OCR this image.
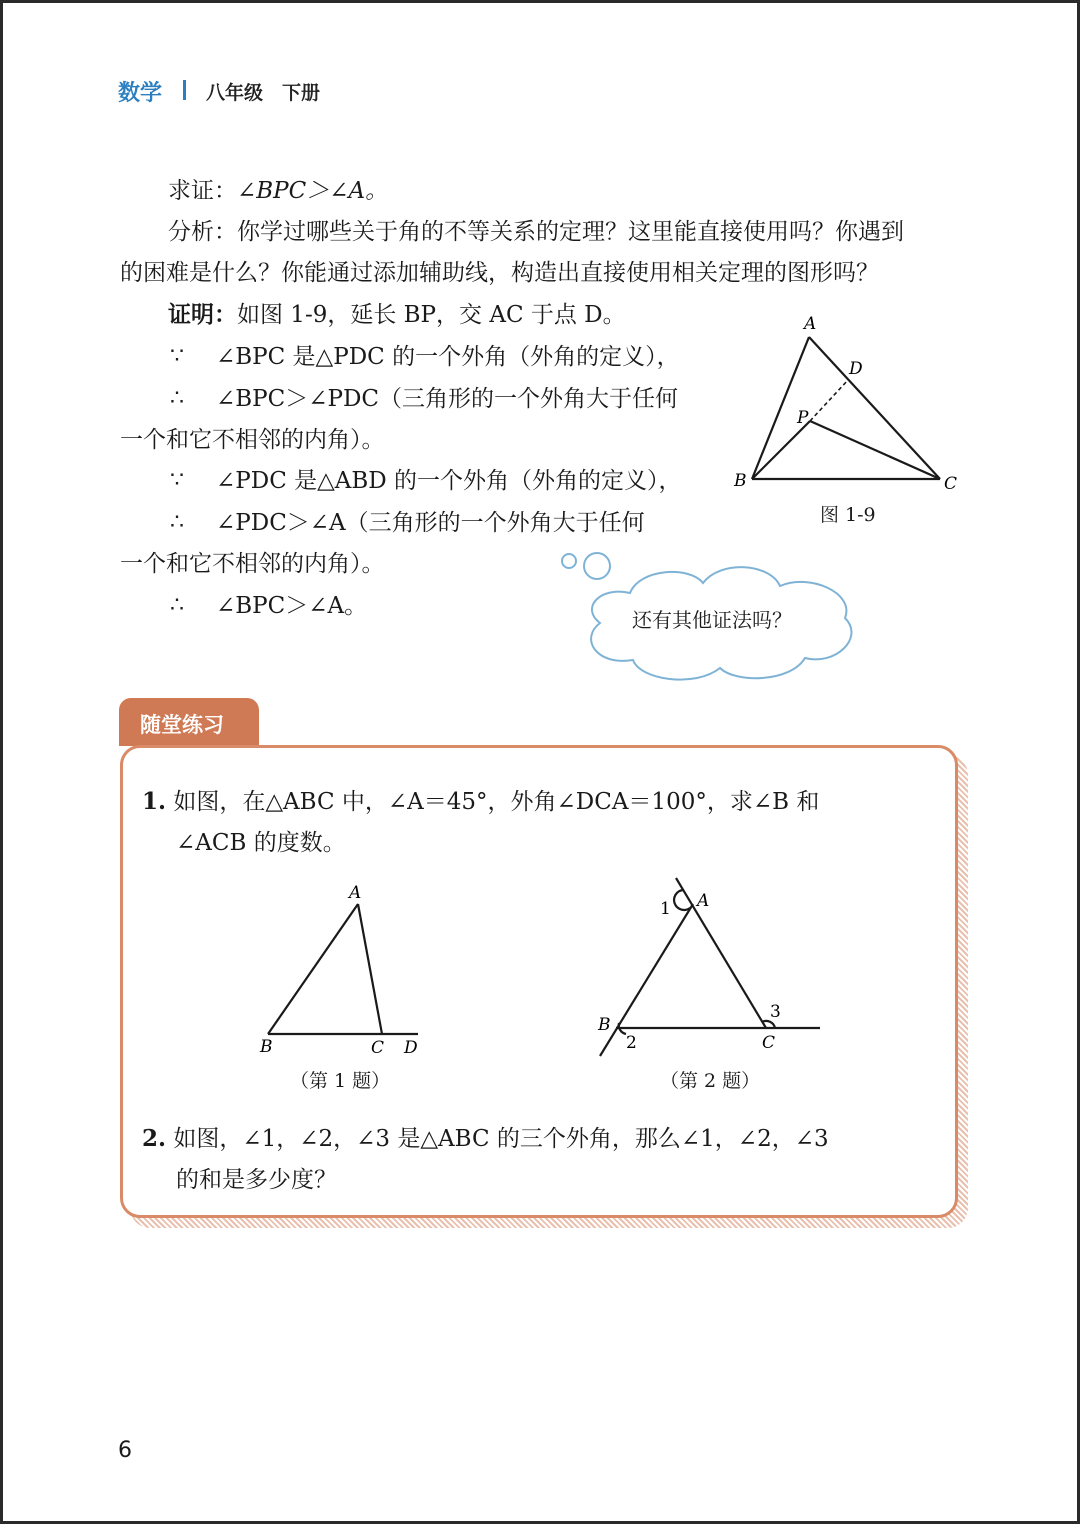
数学 八年级　下册
求证：∠BPC＞∠A。
分析：你学过哪些关于角的不等关系的定理？这里能直接使用吗？你遇到
的困难是什么？你能通过添加辅助线，构造出直接使用相关定理的图形吗？
证明：如图 1-9，延长 BP，交 AC 于点 D。
∵ ∠BPC 是△PDC 的一个外角（外角的定义），
∴ ∠BPC＞∠PDC（三角形的一个外角大于任何
一个和它不相邻的内角）。
∵ ∠PDC 是△ABD 的一个外角（外角的定义），
∴ ∠PDC＞∠A（三角形的一个外角大于任何
一个和它不相邻的内角）。
∴ ∠BPC＞∠A。
A
B	C
D
P
图 1-9
还有其他证法吗？
随堂练习
1. 如图，在△ABC 中，∠A＝45°，外角∠DCA＝100°，求∠B 和
∠ACB 的度数。
A
B	C D
（第 1 题）
A
B
C
1
2
3
（第 2 题）
2. 如图，∠1，∠2，∠3 是△ABC 的三个外角，那么∠1，∠2，∠3
的和是多少度？
6
